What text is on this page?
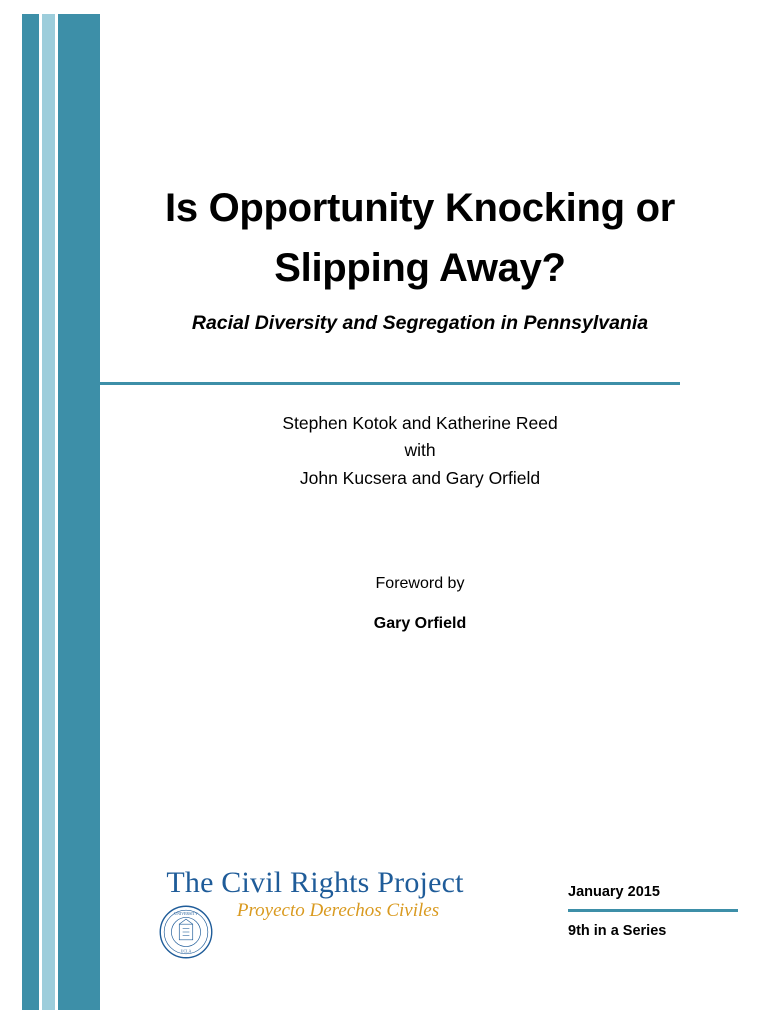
Is Opportunity Knocking or
Slipping Away?
Racial Diversity and Segregation in Pennsylvania
Stephen Kotok and Katherine Reed
with
John Kucsera and Gary Orfield
Foreword by
Gary Orfield
UNIVERSITY
UCLA
The Civil Rights Project
Proyecto Derechos Civiles
January 2015
9th in a Series
